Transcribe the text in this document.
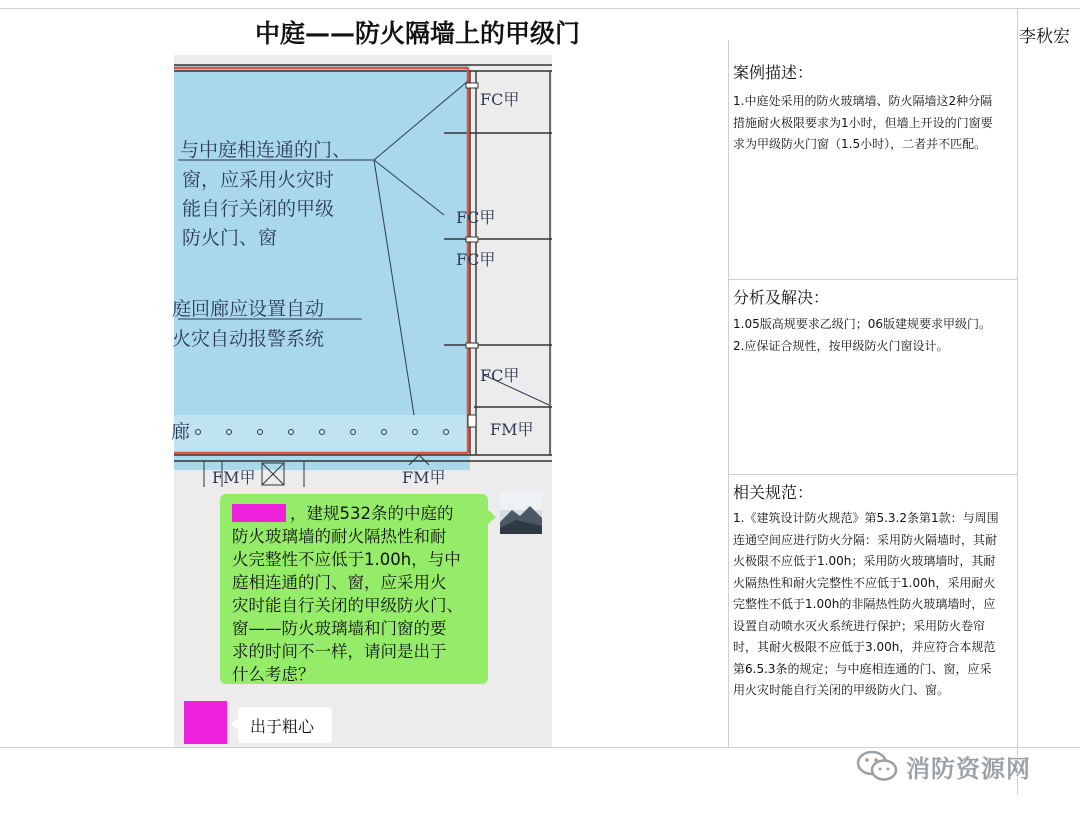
中庭——防火隔墙上的甲级门	李秋宏
与中庭相连通的门、
窗，应采用火灾时
能自行关闭的甲级
防火门、窗
庭回廊应设置自动
火灾自动报警系统
廊
FC甲
FC甲
FC甲
FC甲
FM甲
FM甲	FM甲
，建规532条的中庭的
防火玻璃墙的耐火隔热性和耐
火完整性不应低于1.00h，与中
庭相连通的门、窗，应采用火
灾时能自行关闭的甲级防火门、
窗——防火玻璃墙和门窗的要
求的时间不一样，请问是出于
什么考虑？
出于粗心
案例描述：
1.中庭处采用的防火玻璃墙、防火隔墙这2种分隔
措施耐火极限要求为1小时，但墙上开设的门窗要
求为甲级防火门窗（1.5小时），二者并不匹配。
分析及解决：
1.05版高规要求乙级门；06版建规要求甲级门。
2.应保证合规性，按甲级防火门窗设计。
相关规范：
1.《建筑设计防火规范》第5.3.2条第1款：与周围
连通空间应进行防火分隔：采用防火隔墙时，其耐
火极限不应低于1.00h；采用防火玻璃墙时，其耐
火隔热性和耐火完整性不应低于1.00h，采用耐火
完整性不低于1.00h的非隔热性防火玻璃墙时，应
设置自动喷水灭火系统进行保护；采用防火卷帘
时，其耐火极限不应低于3.00h，并应符合本规范
第6.5.3条的规定；与中庭相连通的门、窗，应采
用火灾时能自行关闭的甲级防火门、窗。
消防资源网
